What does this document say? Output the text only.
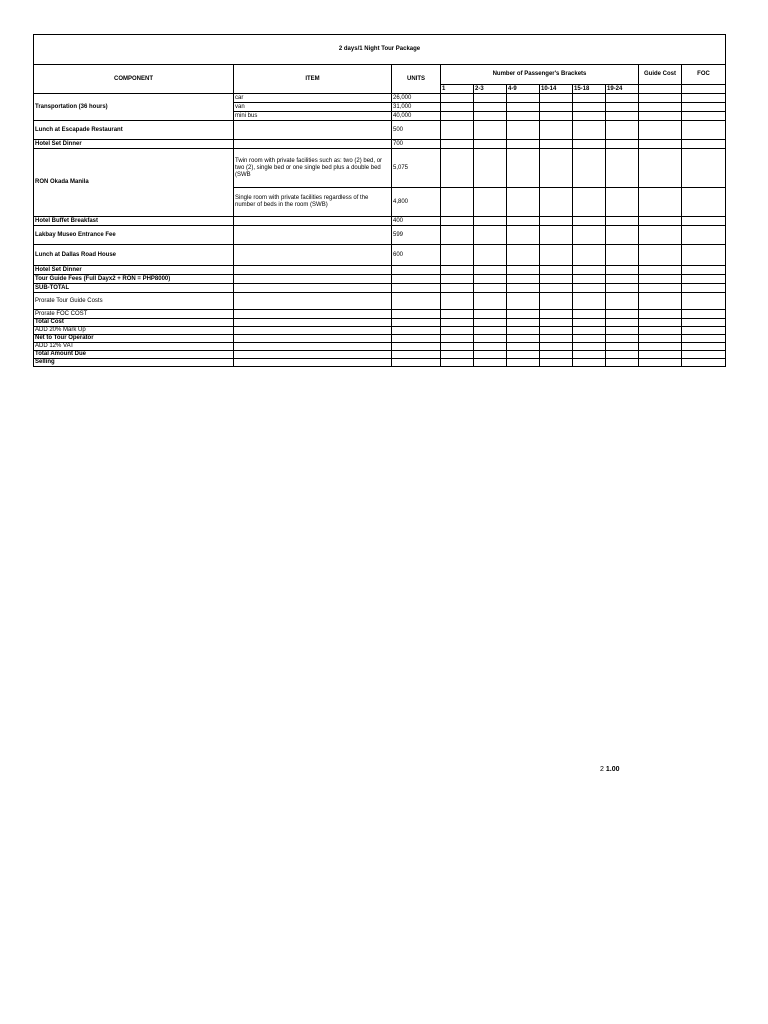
2 days/1 Night Tour Package										
COMPONENT	ITEM	UNITS	Number of Passenger's Brackets						Guide Cost	FOC
			1	2-3	4-9	10-14	15-18	19-24		
Transportation (36 hours)	car	26,000								
	van	31,000								
	mini bus	40,000								
Lunch at Escapade Restaurant		500								
Hotel Set Dinner		700								
RON Okada Manila	Twin room with private facilities such as: two (2) bed, or two (2), single bed or one single bed plus a double bed (SWB	5,075								
	Single room with private facilities regardless of the number of beds in the room (SWB)	4,800								
Hotel Buffet Breakfast		400								
Lakbay Museo Entrance Fee		599								
Lunch at Dallas Road House		600								
Hotel Set Dinner										
Tour Guide Fees (Full Dayx2 + RON = PHP8000)										
SUB-TOTAL										
Prorate Tour Guide Costs										
Prorate FOC COST										
Total Cost										
ADD 20% Mark Up										
Net to Tour Operator										
ADD 12% VAT										
Total Amount Due										
Selling										
2 1.00
